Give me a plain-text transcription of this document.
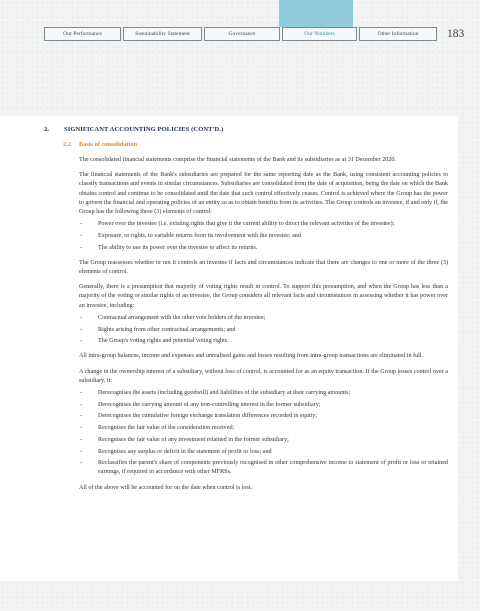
Our Performance	Sustainability Statement	Governance	Our Numbers	Other Information	183
2. SIGNIFICANT ACCOUNTING POLICIES (CONT'D.)
2.2 Basis of consolidation

The consolidated financial statements comprise the financial statements of the Bank and its subsidiaries as at 31 December 2020.

The financial statements of the Bank's subsidiaries are prepared for the same reporting date as the Bank, using consistent accounting policies to classify transactions and events in similar circumstances. Subsidiaries are consolidated from the date of acquisition, being the date on which the Bank obtains control and continue to be consolidated until the date that such control effectively ceases. Control is achieved where the Group has the power to govern the financial and operating policies of an entity so as to obtain benefits from its activities. The Group controls an investee, if and only if, the Group has the following three (3) elements of control:

- Power over the investee (i.e. existing rights that give it the current ability to direct the relevant activities of the investee);
- Exposure, or rights, to variable returns from its involvement with the investee; and
- The ability to use its power over the investee to affect its returns.

The Group reassesses whether or not it controls an investee if facts and circumstances indicate that there are changes to one or more of the three (3) elements of control.

Generally, there is a presumption that majority of voting rights result in control. To support this presumption, and when the Group has less than a majority of the voting or similar rights of an investee, the Group considers all relevant facts and circumstances in assessing whether it has power over an investee, including:

- Contractual arrangement with the other vote holders of the investee;
- Rights arising from other contractual arrangements; and
- The Group's voting rights and potential voting rights.

All intra-group balances, income and expenses and unrealised gains and losses resulting from intra-group transactions are eliminated in full.

A change in the ownership interest of a subsidiary, without loss of control, is accounted for as an equity transaction. If the Group losses control over a subsidiary, it:

- Derecognises the assets (including goodwill) and liabilities of the subsidiary at their carrying amounts;
- Derecognises the carrying amount of any non-controlling interest in the former subsidiary;
- Derecognises the cumulative foreign exchange translation differences recorded in equity;
- Recognises the fair value of the consideration received;
- Recognises the fair value of any investment retained in the former subsidiary;
- Recognises any surplus or deficit in the statement of profit or loss; and
- Reclassifies the parent's share of components previously recognised in other comprehensive income to statement of profit or loss or retained earnings, if required in accordance with other MFRSs.

All of the above will be accounted for on the date when control is lost.
